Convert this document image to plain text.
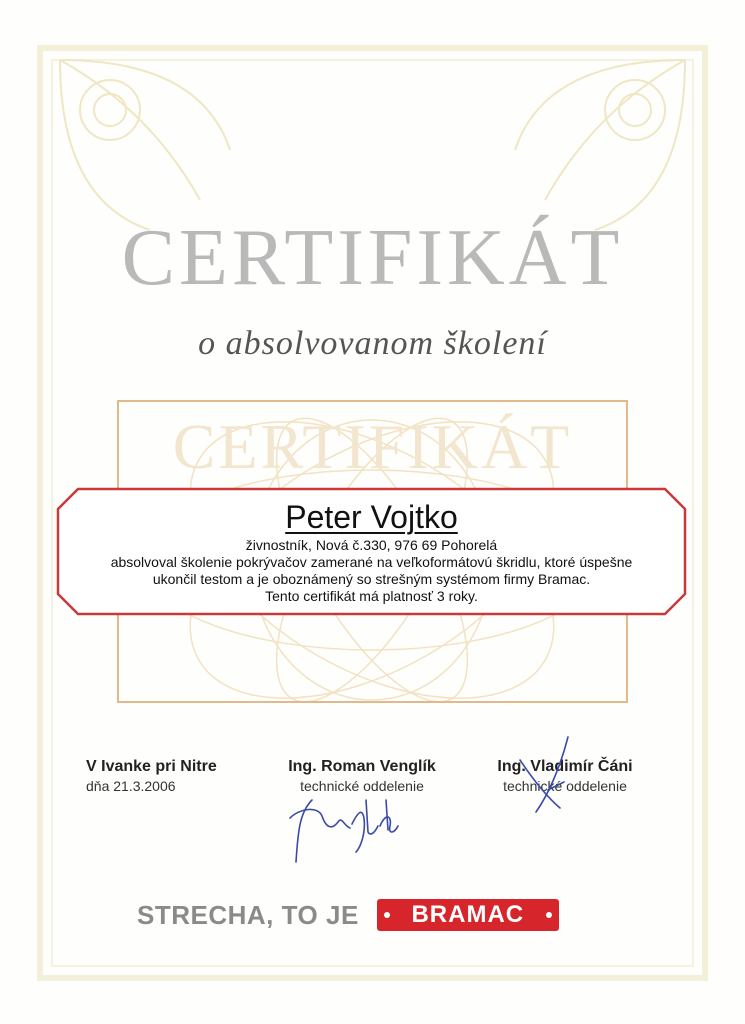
CERTIFIKÁT
o absolvovanom školení
CERTIFIKÁT
Peter Vojtko
živnostník, Nová č.330, 976 69 Pohorelá
absolvoval školenie pokrývačov zamerané na veľkoformátovú škridlu, ktoré úspešne
ukončil testom a je oboznámený so strešným systémom firmy Bramac.
Tento certifikát má platnosť 3 roky.
V Ivanke pri Nitre
dňa 21.3.2006
Ing. Roman Venglík
technické oddelenie
Ing. Vladimír Čáni
technické oddelenie
STRECHA, TO JE BRAMAC
